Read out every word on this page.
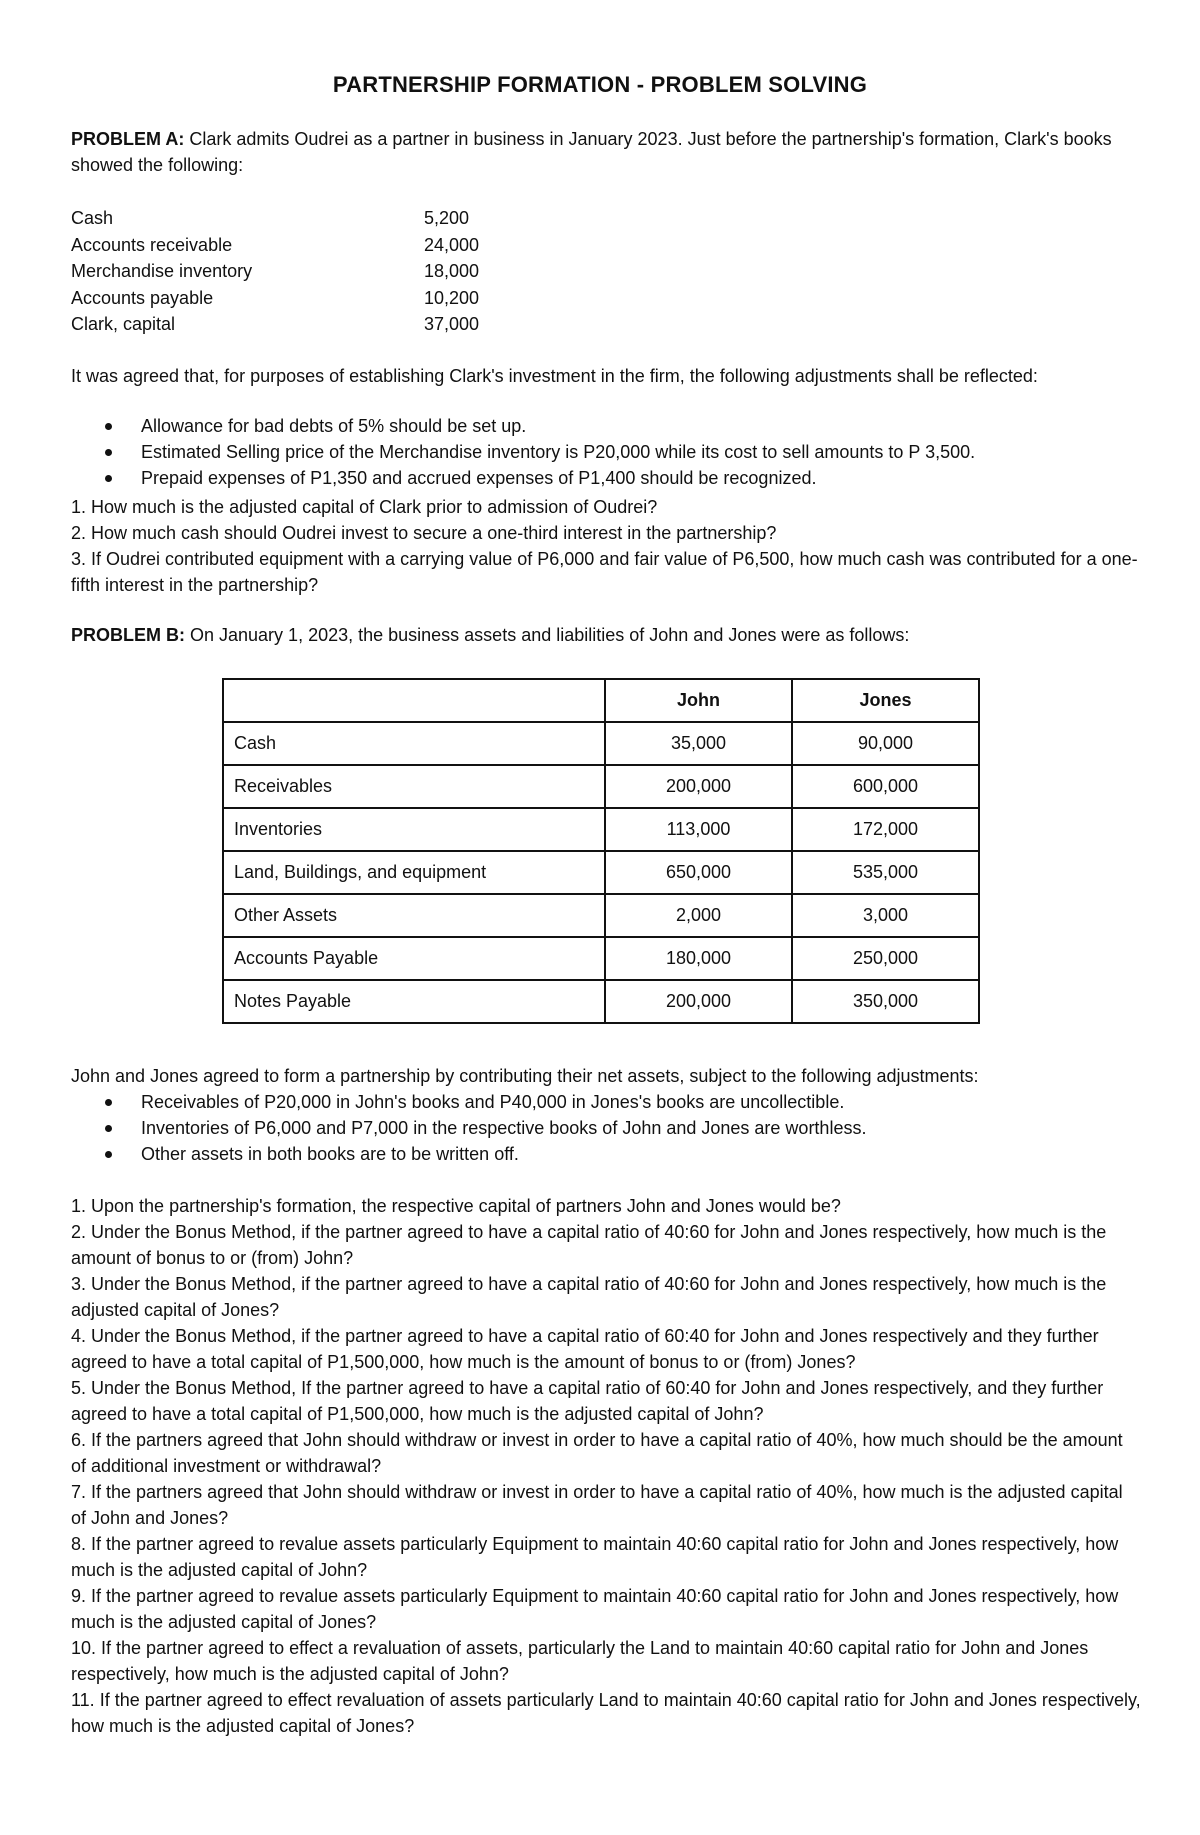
PARTNERSHIP FORMATION - PROBLEM SOLVING
PROBLEM A: Clark admits Oudrei as a partner in business in January 2023. Just before the partnership's formation, Clark's books showed the following:
Cash	5,200
Accounts receivable	24,000
Merchandise inventory	18,000
Accounts payable	10,200
Clark, capital	37,000
It was agreed that, for purposes of establishing Clark's investment in the firm, the following adjustments shall be reflected:
Allowance for bad debts of 5% should be set up.
Estimated Selling price of the Merchandise inventory is P20,000 while its cost to sell amounts to P 3,500.
Prepaid expenses of P1,350 and accrued expenses of P1,400 should be recognized.
1. How much is the adjusted capital of Clark prior to admission of Oudrei?
2. How much cash should Oudrei invest to secure a one-third interest in the partnership?
3. If Oudrei contributed equipment with a carrying value of P6,000 and fair value of P6,500, how much cash was contributed for a one-fifth interest in the partnership?
PROBLEM B: On January 1, 2023, the business assets and liabilities of John and Jones were as follows:
	John	Jones
Cash	35,000	90,000
Receivables	200,000	600,000
Inventories	113,000	172,000
Land, Buildings, and equipment	650,000	535,000
Other Assets	2,000	3,000
Accounts Payable	180,000	250,000
Notes Payable	200,000	350,000
John and Jones agreed to form a partnership by contributing their net assets, subject to the following adjustments:
Receivables of P20,000 in John's books and P40,000 in Jones's books are uncollectible.
Inventories of P6,000 and P7,000 in the respective books of John and Jones are worthless.
Other assets in both books are to be written off.
1. Upon the partnership's formation, the respective capital of partners John and Jones would be?
2. Under the Bonus Method, if the partner agreed to have a capital ratio of 40:60 for John and Jones respectively, how much is the amount of bonus to or (from) John?
3. Under the Bonus Method, if the partner agreed to have a capital ratio of 40:60 for John and Jones respectively, how much is the adjusted capital of Jones?
4. Under the Bonus Method, if the partner agreed to have a capital ratio of 60:40 for John and Jones respectively and they further agreed to have a total capital of P1,500,000, how much is the amount of bonus to or (from) Jones?
5. Under the Bonus Method, If the partner agreed to have a capital ratio of 60:40 for John and Jones respectively, and they further agreed to have a total capital of P1,500,000, how much is the adjusted capital of John?
6. If the partners agreed that John should withdraw or invest in order to have a capital ratio of 40%, how much should be the amount of additional investment or withdrawal?
7. If the partners agreed that John should withdraw or invest in order to have a capital ratio of 40%, how much is the adjusted capital of John and Jones?
8. If the partner agreed to revalue assets particularly Equipment to maintain 40:60 capital ratio for John and Jones respectively, how much is the adjusted capital of John?
9. If the partner agreed to revalue assets particularly Equipment to maintain 40:60 capital ratio for John and Jones respectively, how much is the adjusted capital of Jones?
10. If the partner agreed to effect a revaluation of assets, particularly the Land to maintain 40:60 capital ratio for John and Jones respectively, how much is the adjusted capital of John?
11. If the partner agreed to effect revaluation of assets particularly Land to maintain 40:60 capital ratio for John and Jones respectively, how much is the adjusted capital of Jones?
